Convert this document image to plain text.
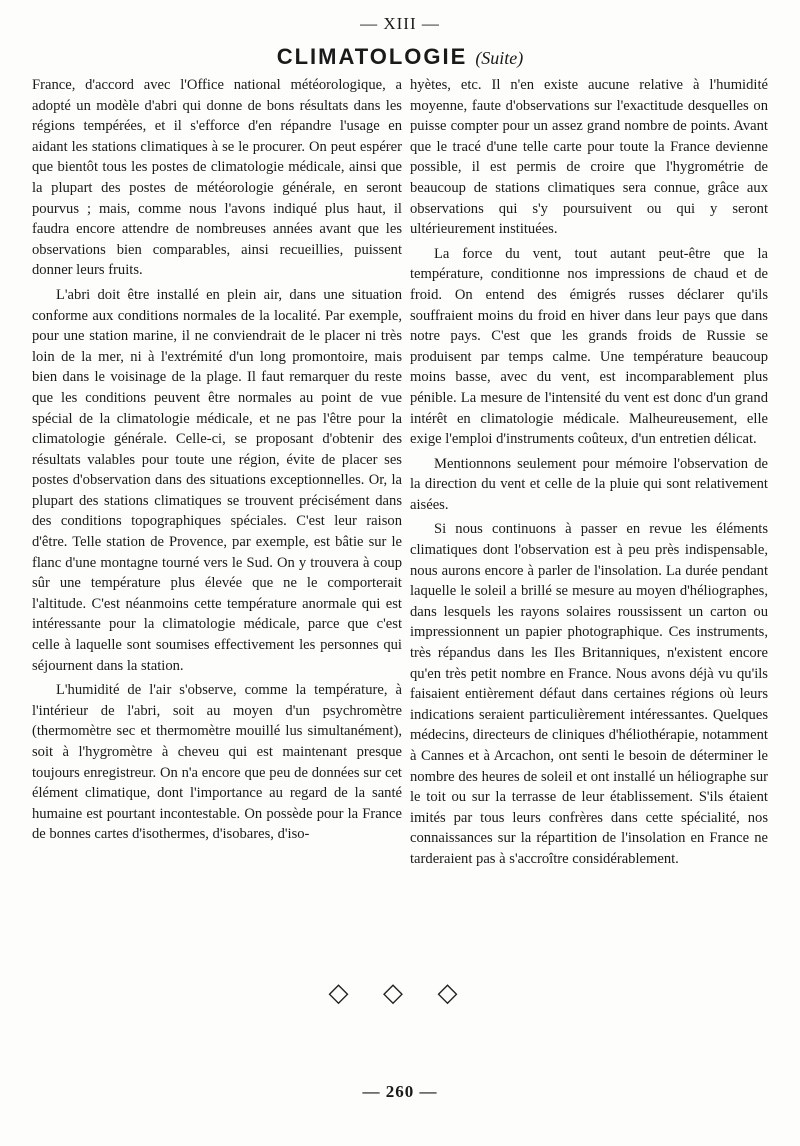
— XIII —
CLIMATOLOGIE (Suite)

France, d'accord avec l'Office national météorologique, a adopté un modèle d'abri qui donne de bons résultats dans les régions tempérées, et il s'efforce d'en répandre l'usage en aidant les stations climatiques à se le procurer. On peut espérer que bientôt tous les postes de climatologie médicale, ainsi que la plupart des postes de météorologie générale, en seront pourvus ; mais, comme nous l'avons indiqué plus haut, il faudra encore attendre de nombreuses années avant que les observations bien comparables, ainsi recueillies, puissent donner leurs fruits.

L'abri doit être installé en plein air, dans une situation conforme aux conditions normales de la localité. Par exemple, pour une station marine, il ne conviendrait de le placer ni très loin de la mer, ni à l'extrémité d'un long promontoire, mais bien dans le voisinage de la plage. Il faut remarquer du reste que les conditions peuvent être normales au point de vue spécial de la climatologie médicale, et ne pas l'être pour la climatologie générale. Celle-ci, se proposant d'obtenir des résultats valables pour toute une région, évite de placer ses postes d'observation dans des situations exceptionnelles. Or, la plupart des stations climatiques se trouvent précisément dans des conditions topographiques spéciales. C'est leur raison d'être. Telle station de Provence, par exemple, est bâtie sur le flanc d'une montagne tourné vers le Sud. On y trouvera à coup sûr une température plus élevée que ne le comporterait l'altitude. C'est néanmoins cette température anormale qui est intéressante pour la climatologie médicale, parce que c'est celle à laquelle sont soumises effectivement les personnes qui séjournent dans la station.

L'humidité de l'air s'observe, comme la température, à l'intérieur de l'abri, soit au moyen d'un psychromètre (thermomètre sec et thermomètre mouillé lus simultanément), soit à l'hygromètre à cheveu qui est maintenant presque toujours enregistreur. On n'a encore que peu de données sur cet élément climatique, dont l'importance au regard de la santé humaine est pourtant incontestable. On possède pour la France de bonnes cartes d'isothermes, d'isobares, d'iso-

hyètes, etc. Il n'en existe aucune relative à l'humidité moyenne, faute d'observations sur l'exactitude desquelles on puisse compter pour un assez grand nombre de points. Avant que le tracé d'une telle carte pour toute la France devienne possible, il est permis de croire que l'hygrométrie de beaucoup de stations climatiques sera connue, grâce aux observations qui s'y poursuivent ou qui y seront ultérieurement instituées.

La force du vent, tout autant peut-être que la température, conditionne nos impressions de chaud et de froid. On entend des émigrés russes déclarer qu'ils souffraient moins du froid en hiver dans leur pays que dans notre pays. C'est que les grands froids de Russie se produisent par temps calme. Une température beaucoup moins basse, avec du vent, est incomparablement plus pénible. La mesure de l'intensité du vent est donc d'un grand intérêt en climatologie médicale. Malheureusement, elle exige l'emploi d'instruments coûteux, d'un entretien délicat.

Mentionnons seulement pour mémoire l'observation de la direction du vent et celle de la pluie qui sont relativement aisées.

Si nous continuons à passer en revue les éléments climatiques dont l'observation est à peu près indispensable, nous aurons encore à parler de l'insolation. La durée pendant laquelle le soleil a brillé se mesure au moyen d'héliographes, dans lesquels les rayons solaires roussissent un carton ou impressionnent un papier photographique. Ces instruments, très répandus dans les Iles Britanniques, n'existent encore qu'en très petit nombre en France. Nous avons déjà vu qu'ils faisaient entièrement défaut dans certaines régions où leurs indications seraient particulièrement intéressantes. Quelques médecins, directeurs de cliniques d'héliothérapie, notamment à Cannes et à Arcachon, ont senti le besoin de déterminer le nombre des heures de soleil et ont installé un héliographe sur le toit ou sur la terrasse de leur établissement. S'ils étaient imités par tous leurs confrères dans cette spécialité, nos connaissances sur la répartition de l'insolation en France ne tarderaient pas à s'accroître considérablement.

◇ ◇ ◇
— 260 —
